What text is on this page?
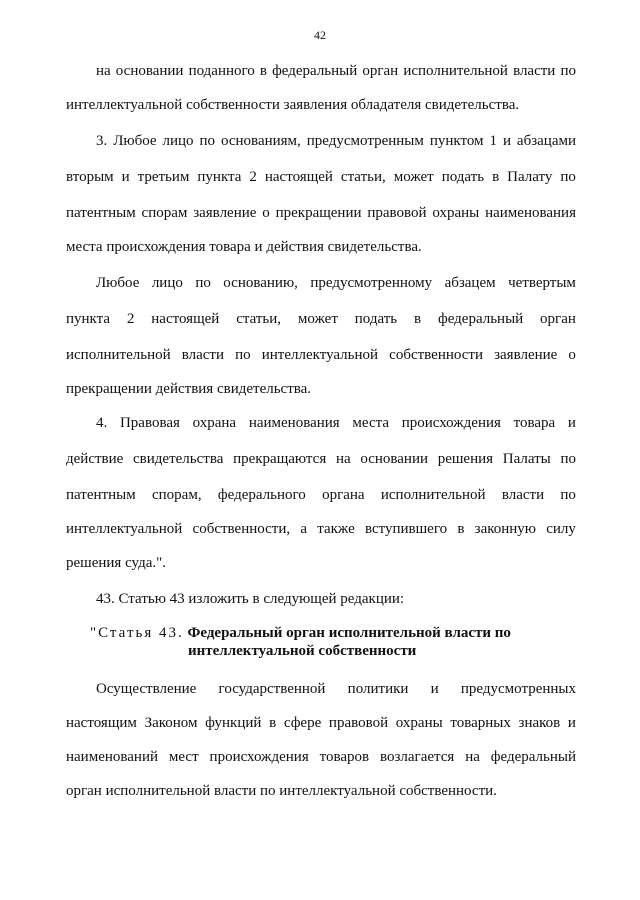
42
на основании поданного в федеральный орган исполнительной власти по
интеллектуальной собственности заявления обладателя свидетельства.
3. Любое лицо по основаниям, предусмотренным пунктом 1 и абзацами
вторым и третьим пункта 2 настоящей статьи, может подать в Палату по
патентным спорам заявление о прекращении правовой охраны наименования
места происхождения товара и действия свидетельства.
Любое лицо по основанию, предусмотренному абзацем четвертым
пункта 2 настоящей статьи, может подать в федеральный орган
исполнительной власти по интеллектуальной собственности заявление о
прекращении действия свидетельства.
4. Правовая охрана наименования места происхождения товара и
действие свидетельства прекращаются на основании решения Палаты по
патентным спорам, федерального органа исполнительной власти по
интеллектуальной собственности, а также вступившего в законную силу
решения суда.".
43. Статью 43 изложить в следующей редакции:
"Статья 43. Федеральный орган исполнительной власти по
интеллектуальной собственности
Осуществление государственной политики и предусмотренных
настоящим Законом функций в сфере правовой охраны товарных знаков и
наименований мест происхождения товаров возлагается на федеральный
орган исполнительной власти по интеллектуальной собственности.
